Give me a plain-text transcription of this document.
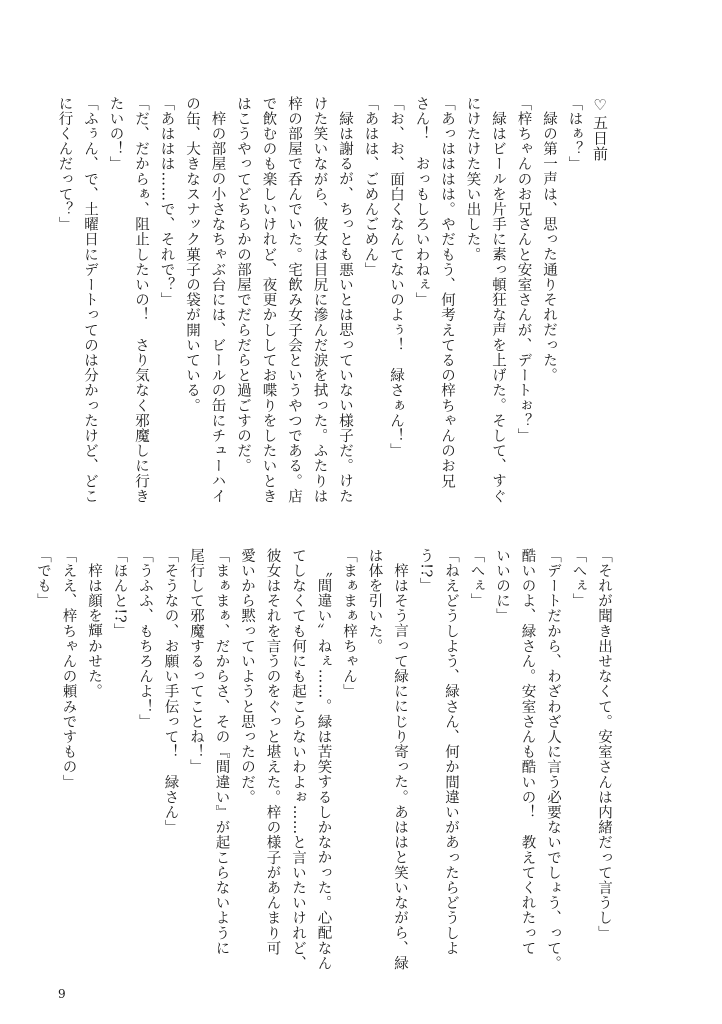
♡五日前
「はぁ？」
緑の第一声は、思った通りそれだった。
「梓ちゃんのお兄さんと安室さんが、デートぉ？」
緑はビールを片手に素っ頓狂な声を上げた。そして、すぐ
にけたけた笑い出した。
「あっはははは。やだもう、何考えてるの梓ちゃんのお兄
さん！　おっもしろいわねぇ」
「お、お、面白くなんてないのよぅ！　緑さぁん！」
「あはは、ごめんごめん」
緑は謝るが、ちっとも悪いとは思っていない様子だ。けた
けた笑いながら、彼女は目尻に滲んだ涙を拭った。ふたりは
梓の部屋で呑んでいた。宅飲み女子会というやつである。店
で飲むのも楽しいけれど、夜更かししてお喋りをしたいとき
はこうやってどちらかの部屋でだらだらと過ごすのだ。
梓の部屋の小さなちゃぶ台には、ビールの缶にチューハイ
の缶、大きなスナック菓子の袋が開いている。
「あははは……で、それで？」
「だ、だからぁ、阻止したいの！　さり気なく邪魔しに行き
たいの！」
「ふぅん、で、土曜日にデートってのは分かったけど、どこ
に行くんだって？」
「それが聞き出せなくて。安室さんは内緒だって言うし」
「へぇ」
「デートだから、わざわざ人に言う必要ないでしょう、って。
酷いのよ、緑さん。安室さんも酷いの！　教えてくれたって
いいのに」
「へぇ」
「ねえどうしよう、緑さん、何か間違いがあったらどうしよ
う!?」
梓はそう言って緑ににじり寄った。あははと笑いながら、緑
は体を引いた。
「まぁまぁ梓ちゃん」
〝間違い〟ねぇ……。緑は苦笑するしかなかった。心配なん
てしなくても何にも起こらないわよぉ……と言いたいけれど、
彼女はそれを言うのをぐっと堪えた。梓の様子があんまり可
愛いから黙っていようと思ったのだ。
「まぁまぁ、だからさ、その『間違い』が起こらないように
尾行して邪魔するってことね！」
「そうなの、お願い手伝って！　緑さん」
「うふふ、もちろんよ！」
「ほんと!?」
梓は顔を輝かせた。
「ええ、梓ちゃんの頼みですもの」
「でも」
9
